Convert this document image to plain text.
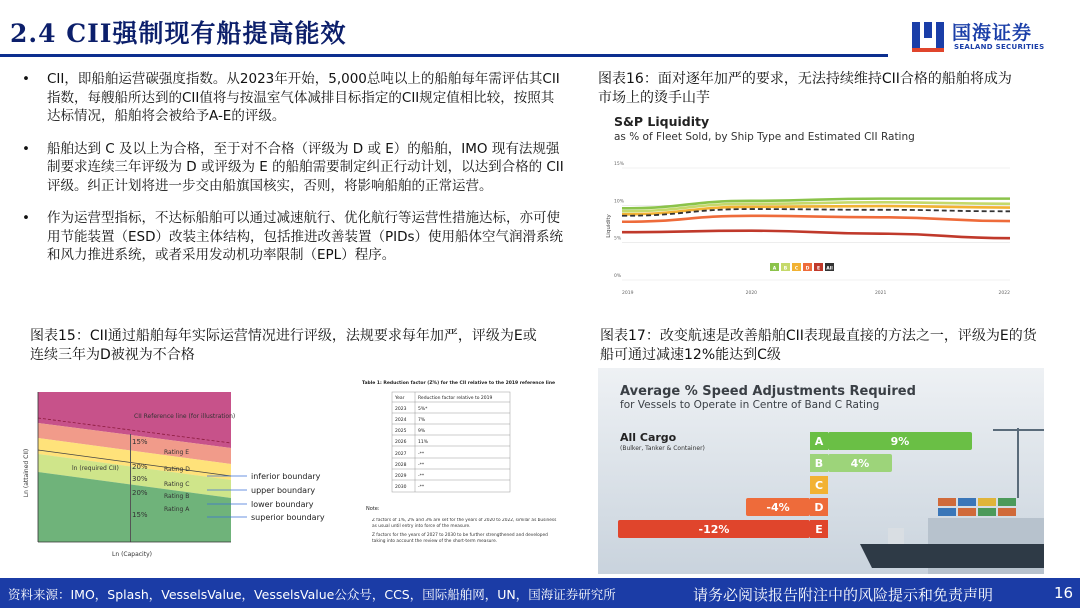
2.4 CII强制现有船提高能效	国海证券
SEALAND SECURITIES
• CII，即船舶运营碳强度指数。从2023年开始，5,000总吨以上的船舶每年需评估其CII指数，每艘船所达到的CII值将与按温室气体减排目标指定的CII规定值相比较，按照其达标情况，船舶将会被给予A-E的评级。
• 船舶达到 C 及以上为合格，至于对不合格（评级为 D 或 E）的船舶，IMO 现有法规强制要求连续三年评级为 D 或评级为 E 的船舶需要制定纠正行动计划，以达到合格的 CII 评级。纠正计划将进一步交由船旗国核实，否则，将影响船舶的正常运营。
• 作为运营型指标，不达标船舶可以通过减速航行、优化航行等运营性措施达标，亦可使用节能装置（ESD）改装主体结构，包括推进改善装置（PIDs）使用船体空气润滑系统和风力推进系统，或者采用发动机功率限制（EPL）程序。
图表15：CII通过船舶每年实际运营情况进行评级，法规要求每年加严，评级为E或连续三年为D被视为不合格
Ln (attained CII)
Ln (Capacity)
CII Reference line (for illustration)
ln (required CII)
15%
20%
30%
20%
15%
Rating E
Rating D
Rating C
Rating B
Rating A
inferior boundary
upper boundary
lower boundary
superior boundary
Table 1: Reduction factor (Z%) for the CII relative to the 2019 reference line
Year	Reduction factor relative to 2019
2023	5%*
2024	7%
2025	9%
2026	11%
2027	-**
2028	-**
2029	-**
2030	-**
Note:
Z factors of 1%, 2% and 3% are set for the years of 2020 to 2022, similar as business as usual until entry into force of the measure.
Z factors for the years of 2027 to 2030 to be further strengthened and developed taking into account the review of the short-term measure.
图表16：面对逐年加严的要求，无法持续维持CII合格的船舶将成为市场上的烫手山芋
S&P Liquidity
as % of Fleet Sold, by Ship Type and Estimated CII Rating
Liquidity
15%
10%
5%
0%
2019	2020	2021	2022
A B C D E All
图表17：改变航速是改善船舶CII表现最直接的方法之一，评级为E的货船可通过减速12%能达到C级
Average % Speed Adjustments Required
for Vessels to Operate in Centre of Band C Rating
All Cargo
(Bulker, Tanker & Container)
A	9%
B 4%
C
D
-4%
E
-12%
资料来源：IMO，Splash，VesselsValue，VesselsValue公众号，CCS，国际船舶网，UN，国海证券研究所	请务必阅读报告附注中的风险提示和免责声明	16
